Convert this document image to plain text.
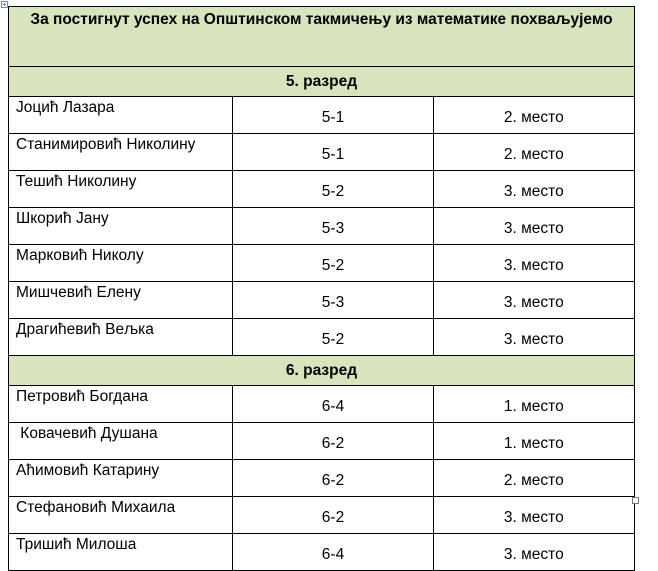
За постигнут успех на Општинском такмичењу из математике похваљујемо		
5. разред		
Јоцић Лазара	5-1	2. место
Станимировић Николину	5-1	2. место
Тешић Николину	5-2	3. место
Шкорић Јану	5-3	3. место
Марковић Николу	5-2	3. место
Мишчевић Елену	5-3	3. место
Драгићевић Вељка	5-2	3. место
6. разред		
Петровић Богдана	6-4	1. место
Ковачевић Душана	6-2	1. место
Аћимовић Катарину	6-2	2. место
Стефановић Михаила	6-2	3. место
Тришић Милоша	6-4	3. место
